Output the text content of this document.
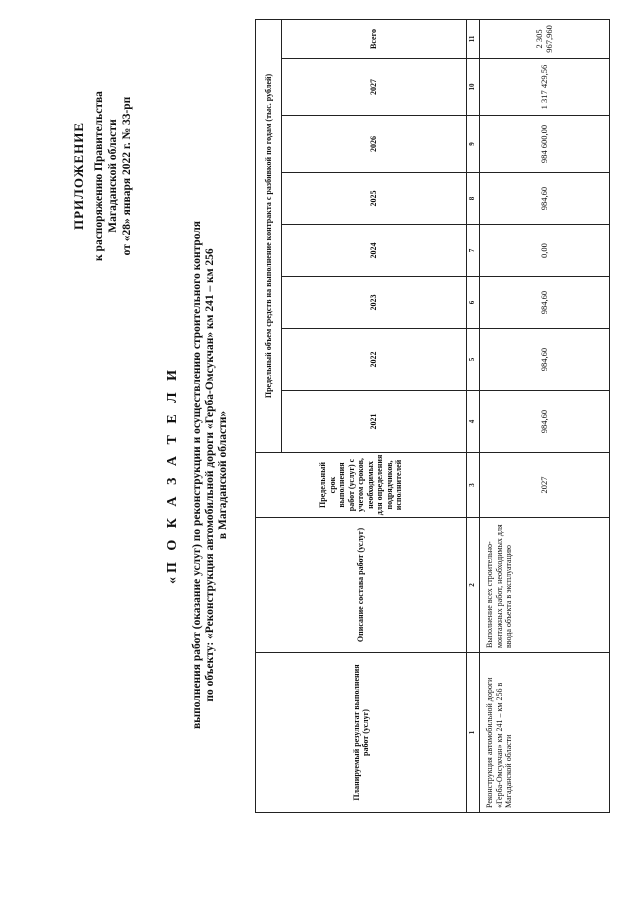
ПРИЛОЖЕНИЕ к распоряжению Правительства Магаданской области от «28» января 2022 г. № 33-рп
«П О К А З А Т Е Л И выполнения работ (оказание услуг) по реконструкции и осуществлению строительного контроля по объекту: «Реконструкция автомобильной дороги «Герба-Омсукчан» км 241 – км 256 в Магаданской области»
Планируемый результат выполнения работ (услуг)	Описание состава работ (услуг)	Предельный срок выполнения работ (услуг) с учетом сроков, необходимых для определения подрядчиков, исполнителей	Предельный объем средств на выполнение контракта с разбивкой по годам (тыс. рублей)							
			2021	2022	2023	2024	2025	2026	2027	Всего
1	2	3	4	5	6	7	8	9	10	11
Реконструкция автомобильной дороги «Герба-Омсукчан» км 241 – км 256 в Магаданской области	Выполнение всех строительно-монтажных работ, необходимых для ввода объекта в эксплуатацию	2027	984,60	984,60	984,60	0,00	984,60	984 600,00	1 317 429,56	2 305 967,960
